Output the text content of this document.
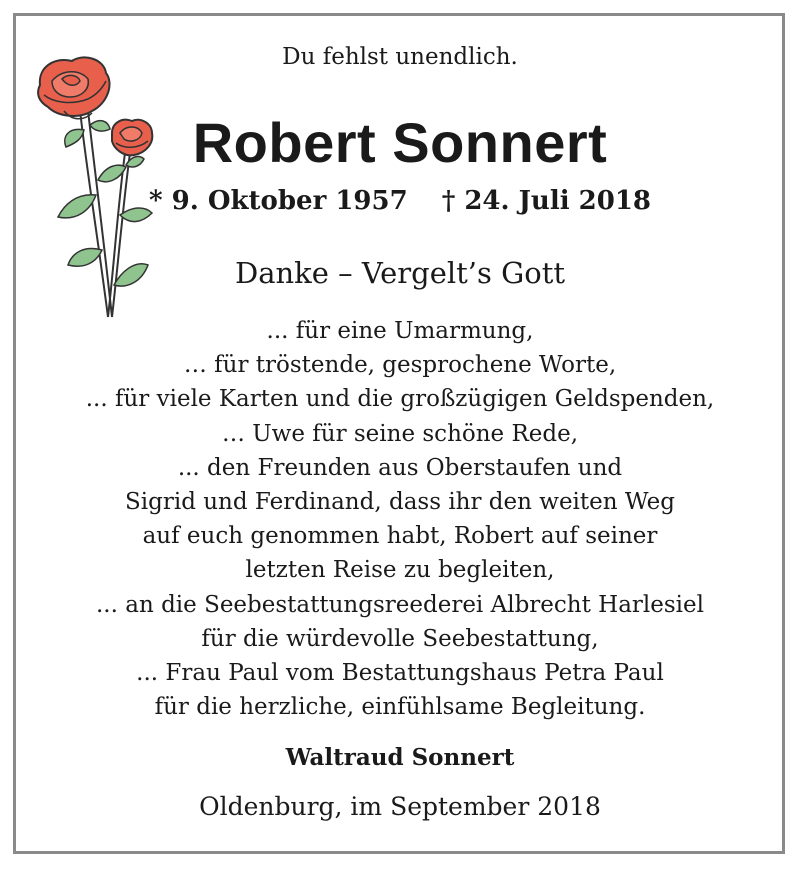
Du fehlst unendlich.
Robert Sonnert
* 9. Oktober 1957 † 24. Juli 2018
Danke – Vergelt’s Gott
... für eine Umarmung,
… für tröstende, gesprochene Worte,
... für viele Karten und die großzügigen Geldspenden,
… Uwe für seine schöne Rede,
... den Freunden aus Oberstaufen und
Sigrid und Ferdinand, dass ihr den weiten Weg
auf euch genommen habt, Robert auf seiner
letzten Reise zu begleiten,
... an die Seebestattungsreederei Albrecht Harlesiel
für die würdevolle Seebestattung,
... Frau Paul vom Bestattungshaus Petra Paul
für die herzliche, einfühlsame Begleitung.
Waltraud Sonnert
Oldenburg, im September 2018
